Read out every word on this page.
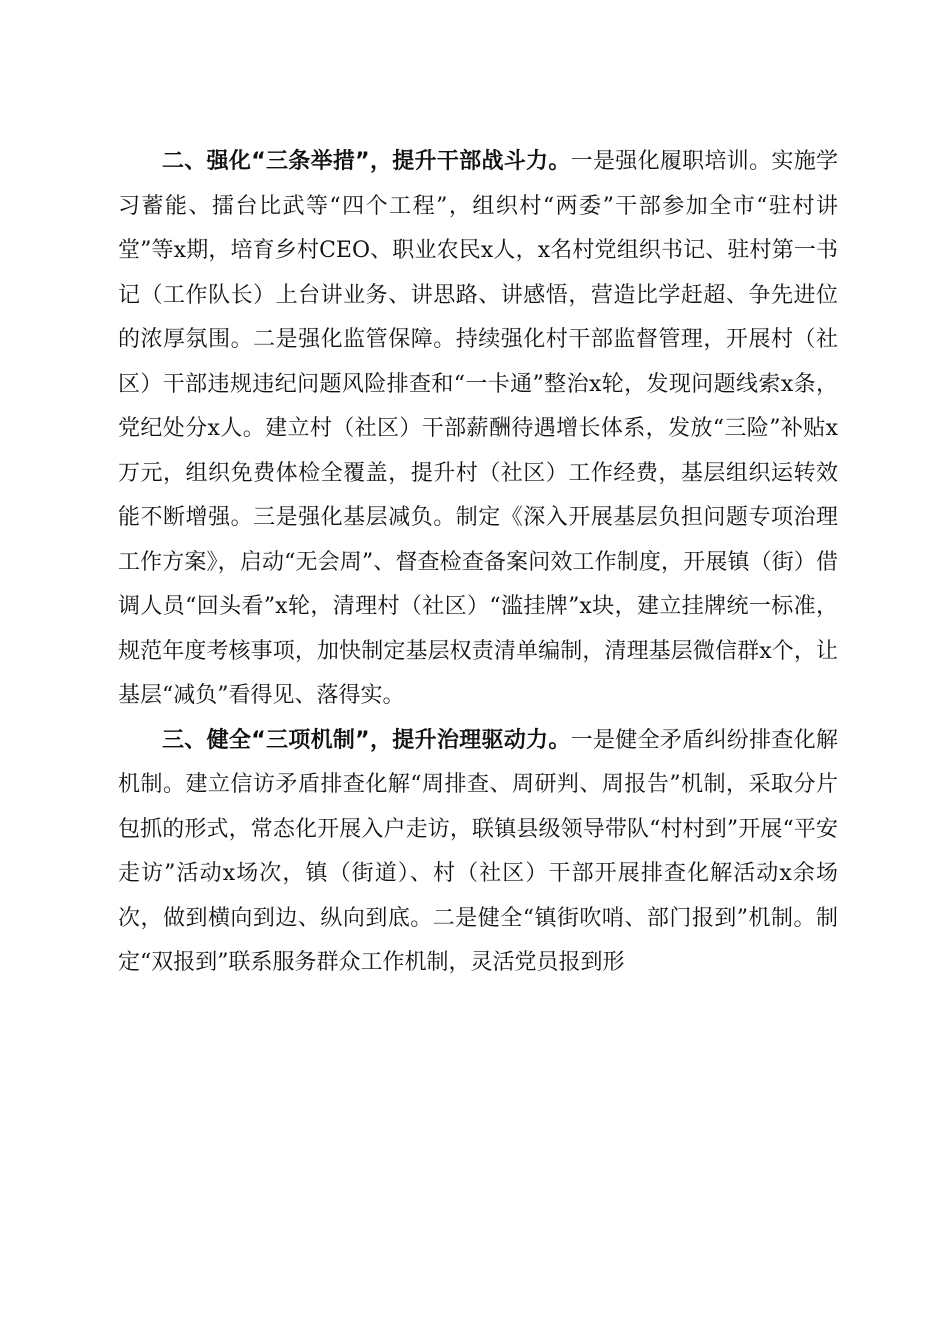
二、强化“三条举措”，提升干部战斗力。一是强化履职培训。实施学习蓄能、擂台比武等“四个工程”，组织村“两委”干部参加全市“驻村讲堂”等x期，培育乡村CEO、职业农民x人，x名村党组织书记、驻村第一书记（工作队长）上台讲业务、讲思路、讲感悟，营造比学赶超、争先进位的浓厚氛围。二是强化监管保障。持续强化村干部监督管理，开展村（社区）干部违规违纪问题风险排查和“一卡通”整治x轮，发现问题线索x条，党纪处分x人。建立村（社区）干部薪酬待遇增长体系，发放“三险”补贴x万元，组织免费体检全覆盖，提升村（社区）工作经费，基层组织运转效能不断增强。三是强化基层减负。制定《深入开展基层负担问题专项治理工作方案》，启动“无会周”、督查检查备案问效工作制度，开展镇（街）借调人员“回头看”x轮，清理村（社区）“滥挂牌”x块，建立挂牌统一标准，规范年度考核事项，加快制定基层权责清单编制，清理基层微信群x个，让基层“减负”看得见、落得实。

三、健全“三项机制”，提升治理驱动力。一是健全矛盾纠纷排查化解机制。建立信访矛盾排查化解“周排查、周研判、周报告”机制，采取分片包抓的形式，常态化开展入户走访，联镇县级领导带队“村村到”开展“平安走访”活动x场次，镇（街道）、村（社区）干部开展排查化解活动x余场次，做到横向到边、纵向到底。二是健全“镇街吹哨、部门报到”机制。制定“双报到”联系服务群众工作机制，灵活党员报到形
